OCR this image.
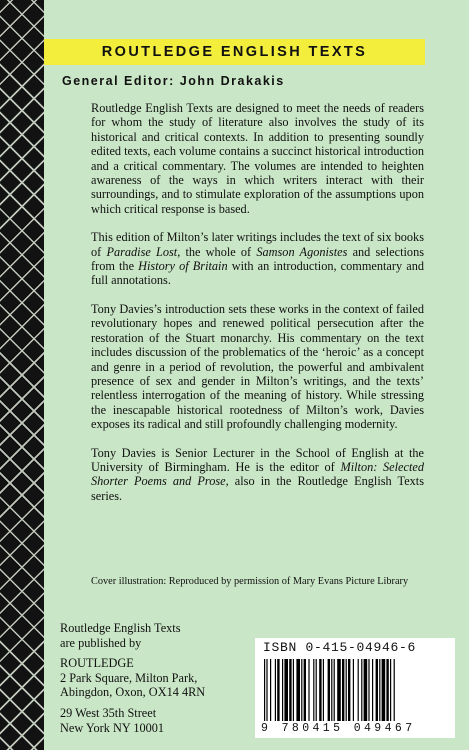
ROUTLEDGE ENGLISH TEXTS
General Editor: John Drakakis

Routledge English Texts are designed to meet the needs of readers for whom the study of literature also involves the study of its historical and critical contexts. In addition to presenting soundly edited texts, each volume contains a succinct historical introduction and a critical commentary. The volumes are intended to heighten awareness of the ways in which writers interact with their surroundings, and to stimulate exploration of the assumptions upon which critical response is based.

This edition of Milton’s later writings includes the text of six books of Paradise Lost, the whole of Samson Agonistes and selections from the History of Britain with an introduction, commentary and full annotations.

Tony Davies’s introduction sets these works in the context of failed revolutionary hopes and renewed political persecution after the restoration of the Stuart monarchy. His commentary on the text includes discussion of the problematics of the ‘heroic’ as a concept and genre in a period of revolution, the powerful and ambivalent presence of sex and gender in Milton’s writings, and the texts’ relentless interrogation of the meaning of history. While stressing the inescapable historical rootedness of Milton’s work, Davies exposes its radical and still profoundly challenging modernity.

Tony Davies is Senior Lecturer in the School of English at the University of Birmingham. He is the editor of Milton: Selected Shorter Poems and Prose, also in the Routledge English Texts series.

Cover illustration: Reproduced by permission of Mary Evans Picture Library
Routledge English Texts
are published by
ROUTLEDGE
2 Park Square, Milton Park,
Abingdon, Oxon, OX14 4RN
29 West 35th Street
New York NY 10001
ISBN 0-415-04946-6
9 780415 049467
